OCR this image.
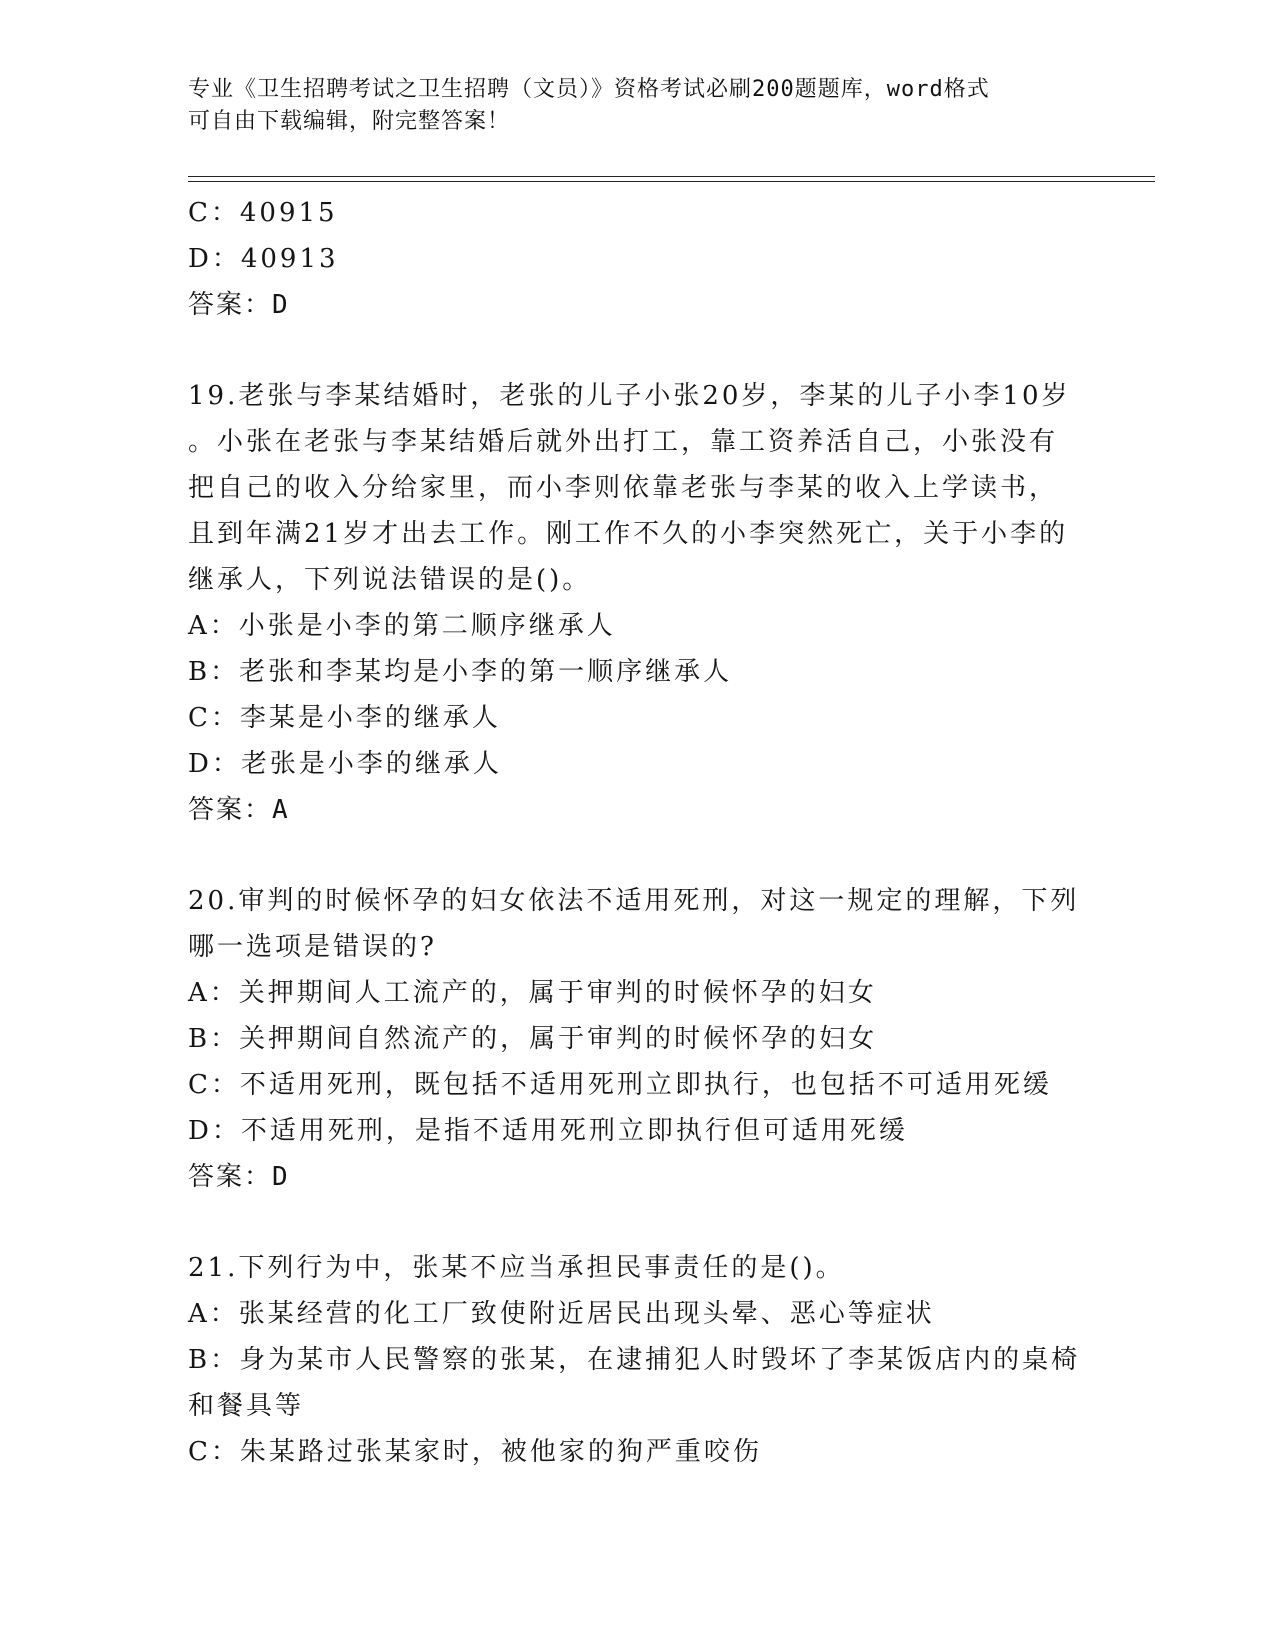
专业《卫生招聘考试之卫生招聘（文员）》资格考试必刷200题题库，word格式
可自由下载编辑，附完整答案！
C：40915
D：40913
答案：D
19.老张与李某结婚时，老张的儿子小张20岁，李某的儿子小李10岁
。小张在老张与李某结婚后就外出打工，靠工资养活自己，小张没有
把自己的收入分给家里，而小李则依靠老张与李某的收入上学读书，
且到年满21岁才出去工作。刚工作不久的小李突然死亡，关于小李的
继承人，下列说法错误的是()。
A：小张是小李的第二顺序继承人
B：老张和李某均是小李的第一顺序继承人
C：李某是小李的继承人
D：老张是小李的继承人
答案：A
20.审判的时候怀孕的妇女依法不适用死刑，对这一规定的理解，下列
哪一选项是错误的?
A：关押期间人工流产的，属于审判的时候怀孕的妇女
B：关押期间自然流产的，属于审判的时候怀孕的妇女
C：不适用死刑，既包括不适用死刑立即执行，也包括不可适用死缓
D：不适用死刑，是指不适用死刑立即执行但可适用死缓
答案：D
21.下列行为中，张某不应当承担民事责任的是()。
A：张某经营的化工厂致使附近居民出现头晕、恶心等症状
B：身为某市人民警察的张某，在逮捕犯人时毁坏了李某饭店内的桌椅
和餐具等
C：朱某路过张某家时，被他家的狗严重咬伤
